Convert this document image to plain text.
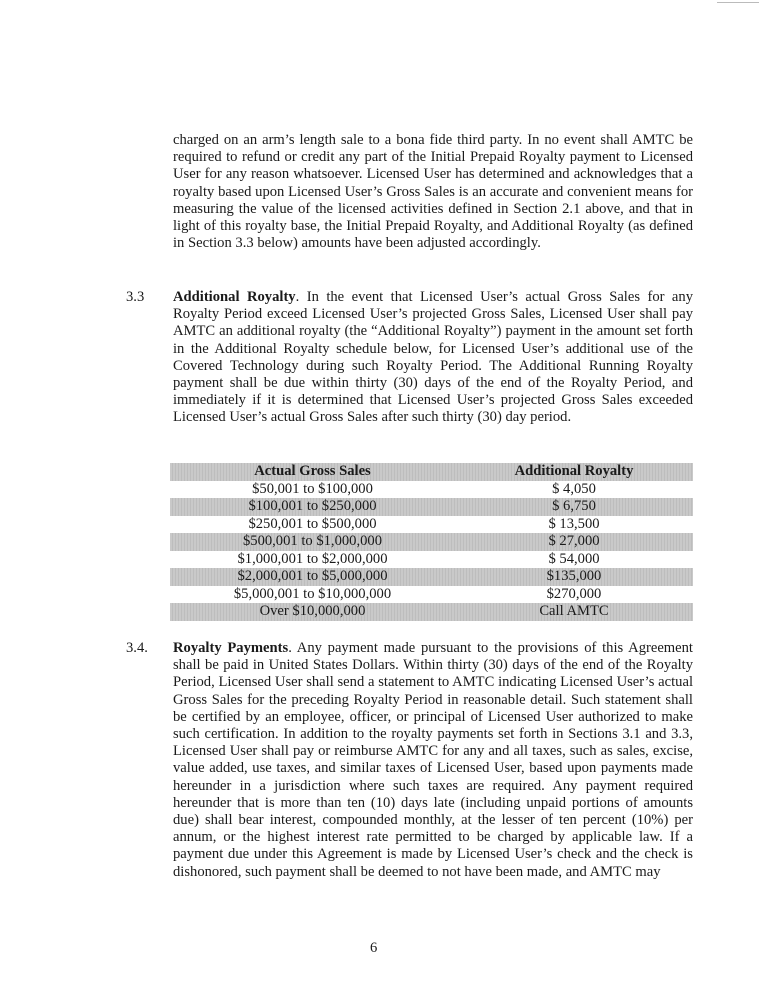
charged on an arm’s length sale to a bona fide third party. In no event shall AMTC be required to refund or credit any part of the Initial Prepaid Royalty payment to Licensed User for any reason whatsoever. Licensed User has determined and acknowledges that a royalty based upon Licensed User’s Gross Sales is an accurate and convenient means for measuring the value of the licensed activities defined in Section 2.1 above, and that in light of this royalty base, the Initial Prepaid Royalty, and Additional Royalty (as defined in Section 3.3 below) amounts have been adjusted accordingly.
3.3 Additional Royalty. In the event that Licensed User’s actual Gross Sales for any Royalty Period exceed Licensed User’s projected Gross Sales, Licensed User shall pay AMTC an additional royalty (the “Additional Royalty”) payment in the amount set forth in the Additional Royalty schedule below, for Licensed User’s additional use of the Covered Technology during such Royalty Period. The Additional Running Royalty payment shall be due within thirty (30) days of the end of the Royalty Period, and immediately if it is determined that Licensed User’s projected Gross Sales exceeded Licensed User’s actual Gross Sales after such thirty (30) day period.
Actual Gross Sales	Additional Royalty
$50,001 to $100,000	$ 4,050
$100,001 to $250,000	$ 6,750
$250,001 to $500,000	$ 13,500
$500,001 to $1,000,000	$ 27,000
$1,000,001 to $2,000,000	$ 54,000
$2,000,001 to $5,000,000	$135,000
$5,000,001 to $10,000,000	$270,000
Over $10,000,000	Call AMTC
3.4. Royalty Payments. Any payment made pursuant to the provisions of this Agreement shall be paid in United States Dollars. Within thirty (30) days of the end of the Royalty Period, Licensed User shall send a statement to AMTC indicating Licensed User’s actual Gross Sales for the preceding Royalty Period in reasonable detail. Such statement shall be certified by an employee, officer, or principal of Licensed User authorized to make such certification. In addition to the royalty payments set forth in Sections 3.1 and 3.3, Licensed User shall pay or reimburse AMTC for any and all taxes, such as sales, excise, value added, use taxes, and similar taxes of Licensed User, based upon payments made hereunder in a jurisdiction where such taxes are required. Any payment required hereunder that is more than ten (10) days late (including unpaid portions of amounts due) shall bear interest, compounded monthly, at the lesser of ten percent (10%) per annum, or the highest interest rate permitted to be charged by applicable law. If a payment due under this Agreement is made by Licensed User’s check and the check is dishonored, such payment shall be deemed to not have been made, and AMTC may
6
